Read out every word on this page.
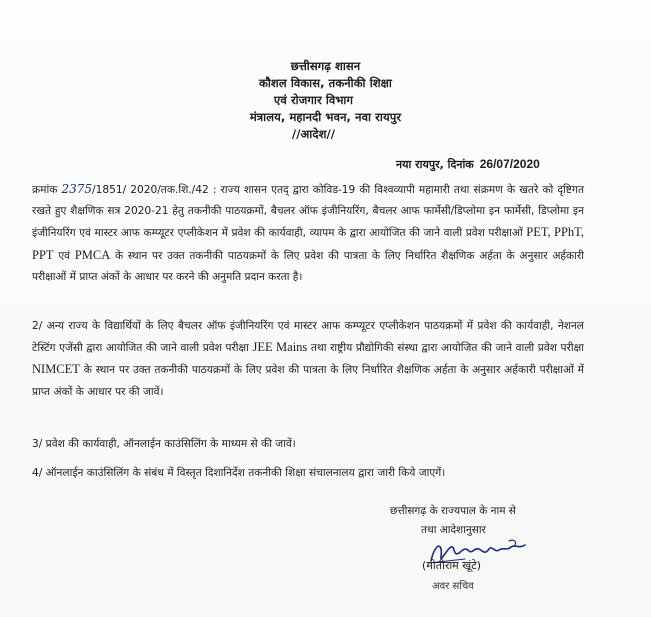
छत्तीसगढ़ शासन
कौशल विकास, तकनीकी शिक्षा
एवं रोजगार विभाग
मंत्रालय, महानदी भवन, नवा रायपुर
//आदेश//
नया रायपुर, दिनांक 26/07/2020
क्रमांक 2375/1851/ 2020/तक.शि./42 : राज्य शासन एतद् द्वारा कोविड-19 की विश्वव्यापी महामारी तथा संक्रमण के खतरे को दृष्टिगत रखते हुए शैक्षणिक सत्र 2020-21 हेतु तकनीकी पाठयक्रमों, बैचलर ऑफ इंजीनियरिंग, बैचलर आफ फार्मेसी/डिप्लोमा इन फार्मेसी, डिप्लोमा इन इंजीनियरिंग एवं मास्टर आफ कम्प्यूटर एप्लीकेशन में प्रवेश की कार्यवाही, व्यापम के द्वारा आयोजित की जाने वाली प्रवेश परीक्षाओं PET, PPhT, PPT एवं PMCA के स्थान पर उक्त तकनीकी पाठयक्रमों के लिए प्रवेश की पात्रता के लिए निर्धारित शैक्षणिक अर्हता के अनुसार अर्हकारी परीक्षाओं में प्राप्त अंकों के आधार पर करने की अनुमति प्रदान करता है।
2/ अन्य राज्य के विद्यार्थियों के लिए बैचलर ऑफ इंजीनियरिंग एवं मास्टर आफ कम्प्यूटर एप्लीकेशन पाठयक्रमों में प्रवेश की कार्यवाही, नेशनल टेस्टिंग एजेंसी द्वारा आयोजित की जाने वाली प्रवेश परीक्षा JEE Mains तथा राष्ट्रीय प्रौद्योगिकी संस्था द्वारा आयोजित की जाने वाली प्रवेश परीक्षा NIMCET के स्थान पर उक्त तकनीकी पाठयक्रमों के लिए प्रवेश की पात्रता के लिए निर्धारित शैक्षणिक अर्हता के अनुसार अर्हकारी परीक्षाओं में प्राप्त अंकों के आधार पर की जावें।
3/ प्रवेश की कार्यवाही, ऑनलाईन काउंसिलिंग के माध्यम से की जावें।
4/ ऑनलाईन काउंसिलिंग के संबंध में विस्तृत दिशानिर्देश तकनीकी शिक्षा संचालनालय द्वारा जारी किये जाएगें।
छत्तीसगढ़ के राज्यपाल के नाम से
तथा आदेशानुसार
(मोतीराम खूंटे)
अवर सचिव
